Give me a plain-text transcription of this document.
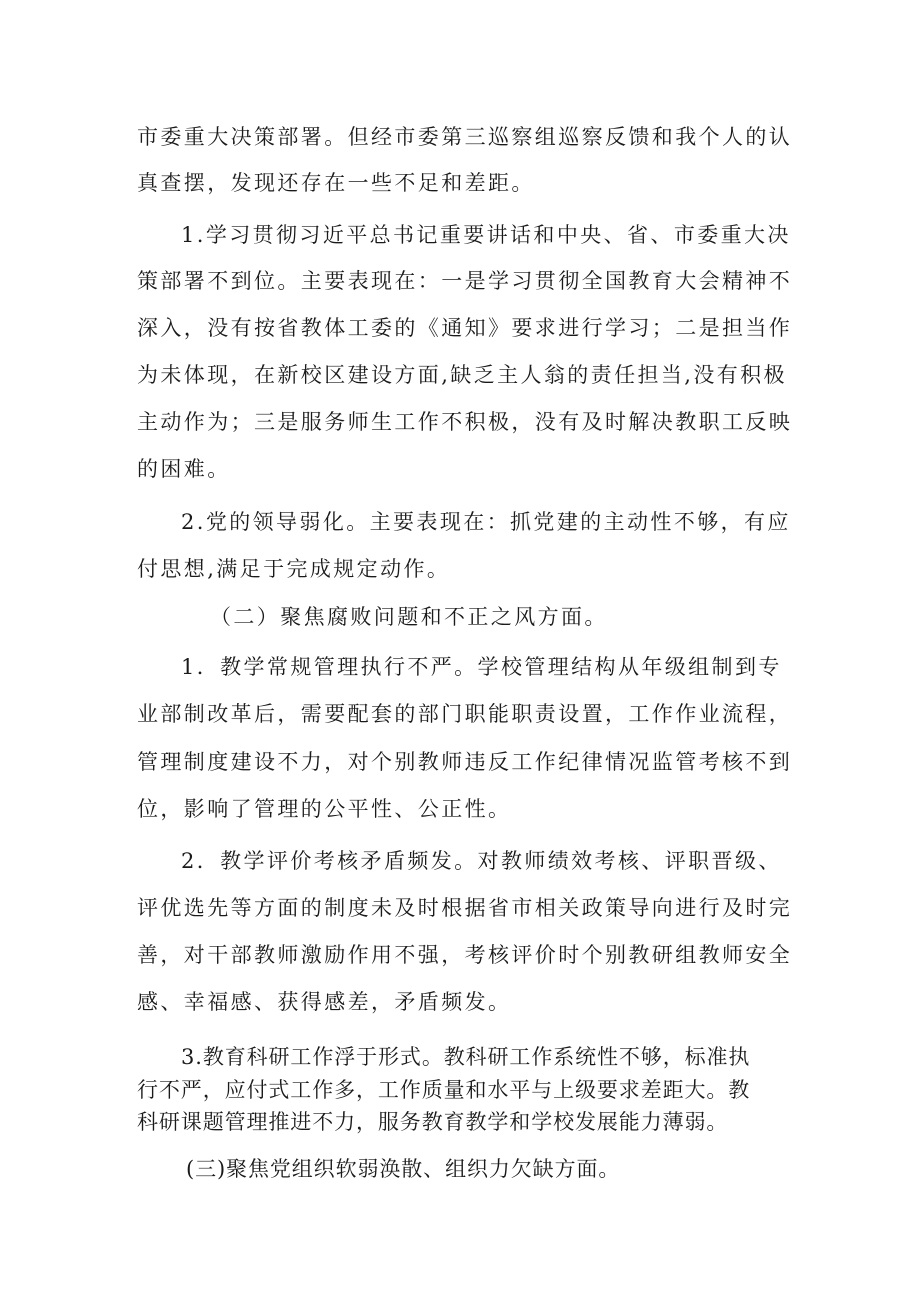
市委重大决策部署。但经市委第三巡察组巡察反馈和我个人的认
真查摆，发现还存在一些不足和差距。
1.学习贯彻习近平总书记重要讲话和中央、省、市委重大决
策部署不到位。主要表现在：一是学习贯彻全国教育大会精神不
深入，没有按省教体工委的《通知》要求进行学习；二是担当作
为未体现，在新校区建设方面,缺乏主人翁的责任担当,没有积极
主动作为；三是服务师生工作不积极，没有及时解决教职工反映
的困难。
2.党的领导弱化。主要表现在：抓党建的主动性不够，有应
付思想,满足于完成规定动作。
（二）聚焦腐败问题和不正之风方面。
1．教学常规管理执行不严。学校管理结构从年级组制到专
业部制改革后，需要配套的部门职能职责设置，工作作业流程，
管理制度建设不力，对个别教师违反工作纪律情况监管考核不到
位，影响了管理的公平性、公正性。
2．教学评价考核矛盾频发。对教师绩效考核、评职晋级、
评优选先等方面的制度未及时根据省市相关政策导向进行及时完
善，对干部教师激励作用不强，考核评价时个别教研组教师安全
感、幸福感、获得感差，矛盾频发。
3.教育科研工作浮于形式。教科研工作系统性不够，标准执
行不严，应付式工作多，工作质量和水平与上级要求差距大。教
科研课题管理推进不力，服务教育教学和学校发展能力薄弱。
(三)聚焦党组织软弱涣散、组织力欠缺方面。
